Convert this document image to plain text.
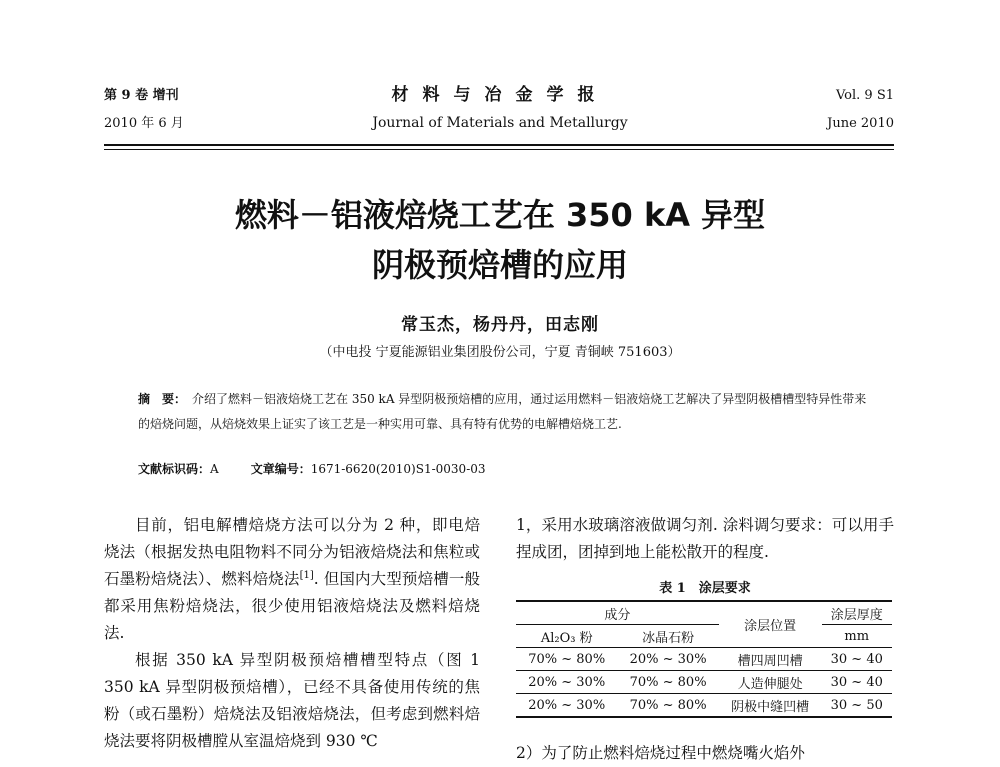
第 9 卷 增刊
2010 年 6 月
材料与冶金学报
Journal of Materials and Metallurgy
Vol. 9 S1
June 2010
燃料－铝液焙烧工艺在 350 kA 异型
阴极预焙槽的应用
常玉杰，杨丹丹，田志刚
（中电投 宁夏能源铝业集团股份公司，宁夏 青铜峡 751603）
摘　要： 介绍了燃料－铝液焙烧工艺在 350 kA 异型阴极预焙槽的应用，通过运用燃料－铝液焙烧工艺解决了异型阴极槽槽型特异性带来的焙烧问题，从焙烧效果上证实了该工艺是一种实用可靠、具有特有优势的电解槽焙烧工艺.
文献标识码：A	文章编号：1671-6620(2010)S1-0030-03

目前，铝电解槽焙烧方法可以分为 2 种，即电焙烧法（根据发热电阻物料不同分为铝液焙烧法和焦粒或石墨粉焙烧法）、燃料焙烧法[1]. 但国内大型预焙槽一般都采用焦粉焙烧法，很少使用铝液焙烧法及燃料焙烧法.

根据 350 kA 异型阴极预焙槽槽型特点（图 1 350 kA 异型阴极预焙槽），已经不具备使用传统的焦粉（或石墨粉）焙烧法及铝液焙烧法，但考虑到燃料焙烧法要将阴极槽膛从室温焙烧到 930 ℃

1，采用水玻璃溶液做调匀剂. 涂料调匀要求：可以用手捏成团，团掉到地上能松散开的程度.

表 1　涂层要求
成分		涂层位置	涂层厚度
Al₂O₃ 粉	冰晶石粉		mm
70% ~ 80%	20% ~ 30%	槽四周凹槽	30 ~ 40
20% ~ 30%	70% ~ 80%	人造伸腿处	30 ~ 40
20% ~ 30%	70% ~ 80%	阴极中缝凹槽	30 ~ 50
2）为了防止燃料焙烧过程中燃烧嘴火焰外
